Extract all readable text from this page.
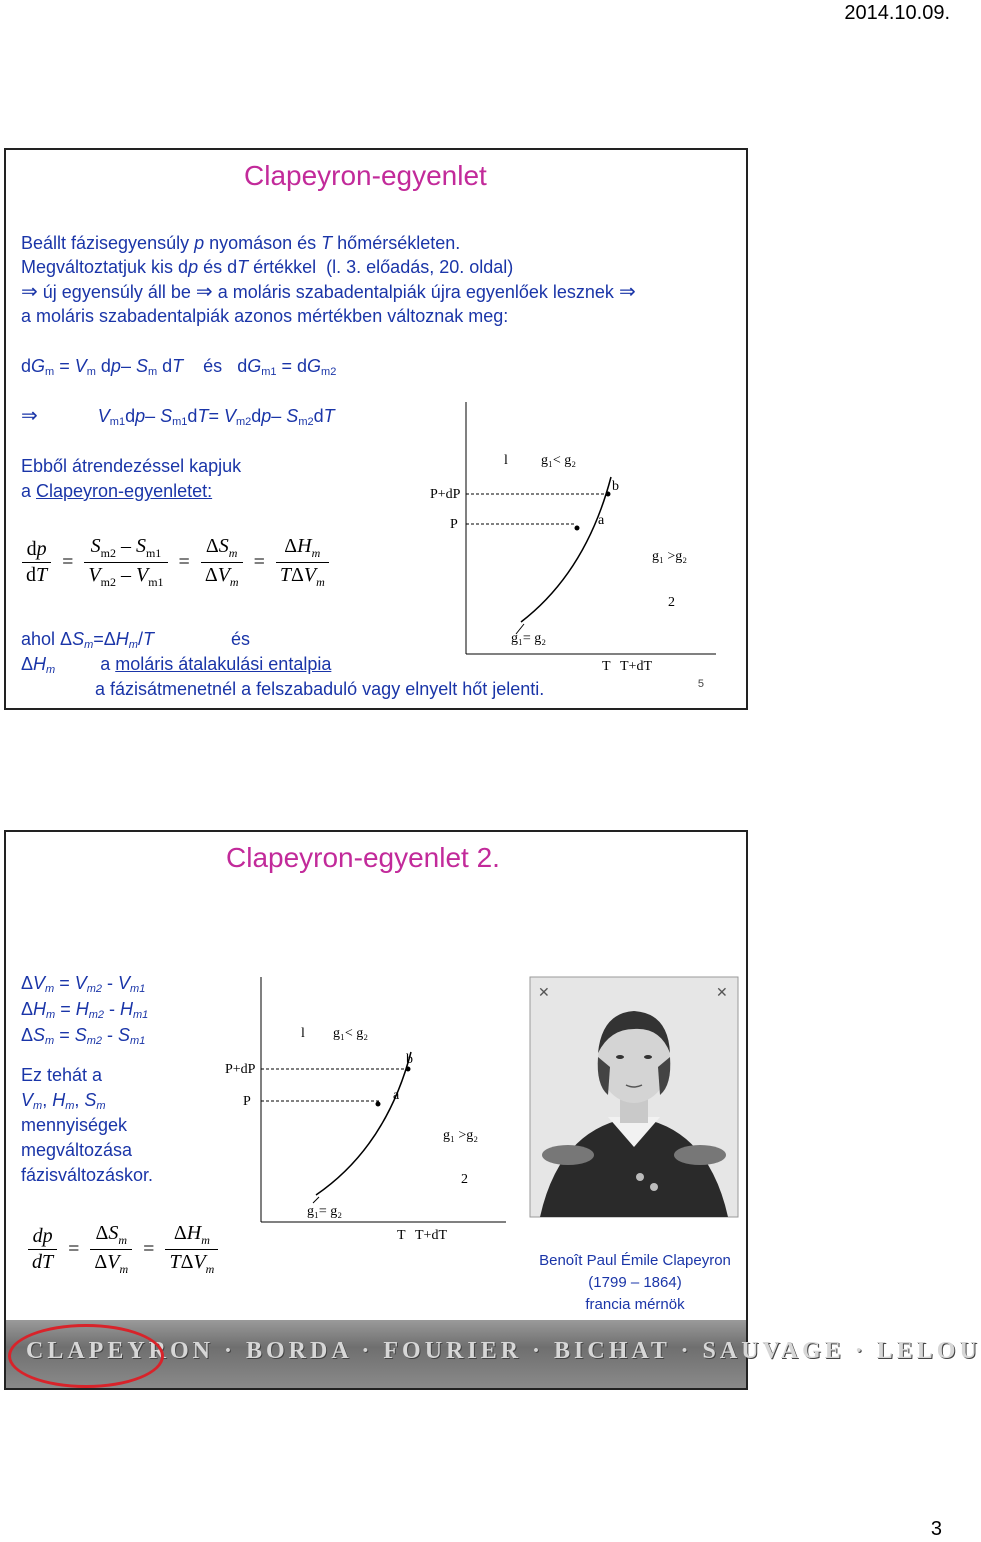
2014.10.09.
Clapeyron-egyenlet
Beállt fázisegyensúly p nyomáson és T hőmérsékleten.
Megváltoztatjuk kis dp és dT értékkel  (l. 3. előadás, 20. oldal)
⇒ új egyensúly áll be ⇒ a moláris szabadentalpiák újra egyenlőek lesznek ⇒
a moláris szabadentalpiák azonos mértékben változnak meg:
$dG_m = V_m$ dp– $S_m$ dT és   $dG_{m1} = dG_{m2}$
⇒	$V_{m1}dp-$ $S_{m1}dT= V_{m2}dp-$ $S_{m2}dT$
Ebből átrendezéssel kapjuk
a Clapeyron-egyenletet:
$\frac{dp}{dT} = \frac{S_{m2} - S_{m1}}{V_{m2} - V_{m1}} = \frac{\Delta S_m}{\Delta V_m} = \frac{\Delta H_m}{T\Delta V_m}$
ahol $\Delta S_m=\Delta H_m/T$	és
$\Delta H_m$	a moláris átalakulási entalpia
a fázisátmenetnél a felszabaduló vagy elnyelt hőt jelenti.
l g₁< g₂
P+dP
P	a
b
g₁ >g₂
2
g₁= g₂
T T+dT
5
Clapeyron-egyenlet 2.
$\Delta V_m = V_{m2} - V_{m1}$
$\Delta H_m = H_{m2} - H_{m1}$
$\Delta S_m = S_{m2} - S_{m1}$
Ez tehát a
$V_m$, $H_m$, $S_m$
mennyiségek
megváltozása
fázisváltozáskor.
$\frac{dp}{dT} = \frac{\Delta S_m}{\Delta V_m} = \frac{\Delta H_m}{T\Delta V_m}$
l g₁< g₂
P+dP
P	a
b
g₁ >g₂
2
g₁= g₂
T T+dT
✕	✕
Benoît Paul Émile Clapeyron
(1799 – 1864)
francia mérnök
CLAPEYRON · BORDA · FOURIER · BICHAT · SAUVAGE · LELOU
3
